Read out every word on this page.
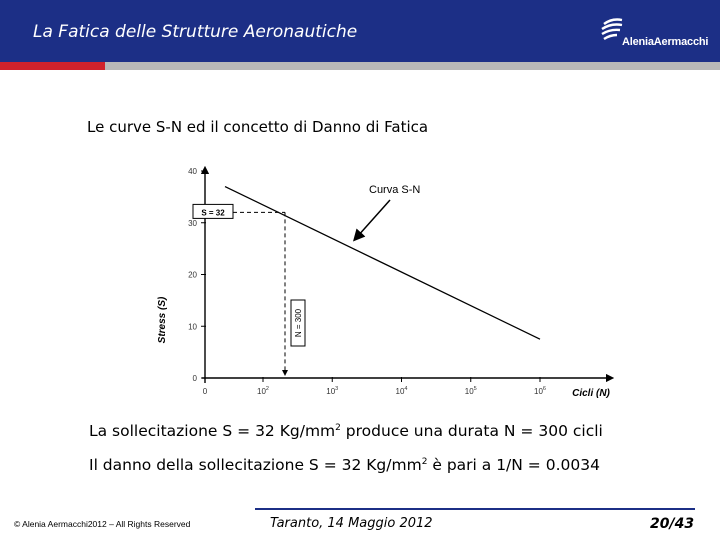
La Fatica delle Strutture Aeronautiche	AleniaAermacchi
Le curve S-N ed il concetto di Danno di Fatica
0
10
20
30
40
0	$10^2$	$10^3$	$10^4$	$10^5$	$10^6$
S = 32
N = 300
Curva S-N
Stress (S)
Cicli (N)
La sollecitazione S = 32 $Kg/mm^2$ produce una durata N = 300 cicli
Il danno della sollecitazione S = 32 $Kg/mm^2$ è pari a 1/N = 0.0034
© Alenia Aermacchi2012 – All Rights Reserved	Taranto, 14 Maggio 2012	20/43
